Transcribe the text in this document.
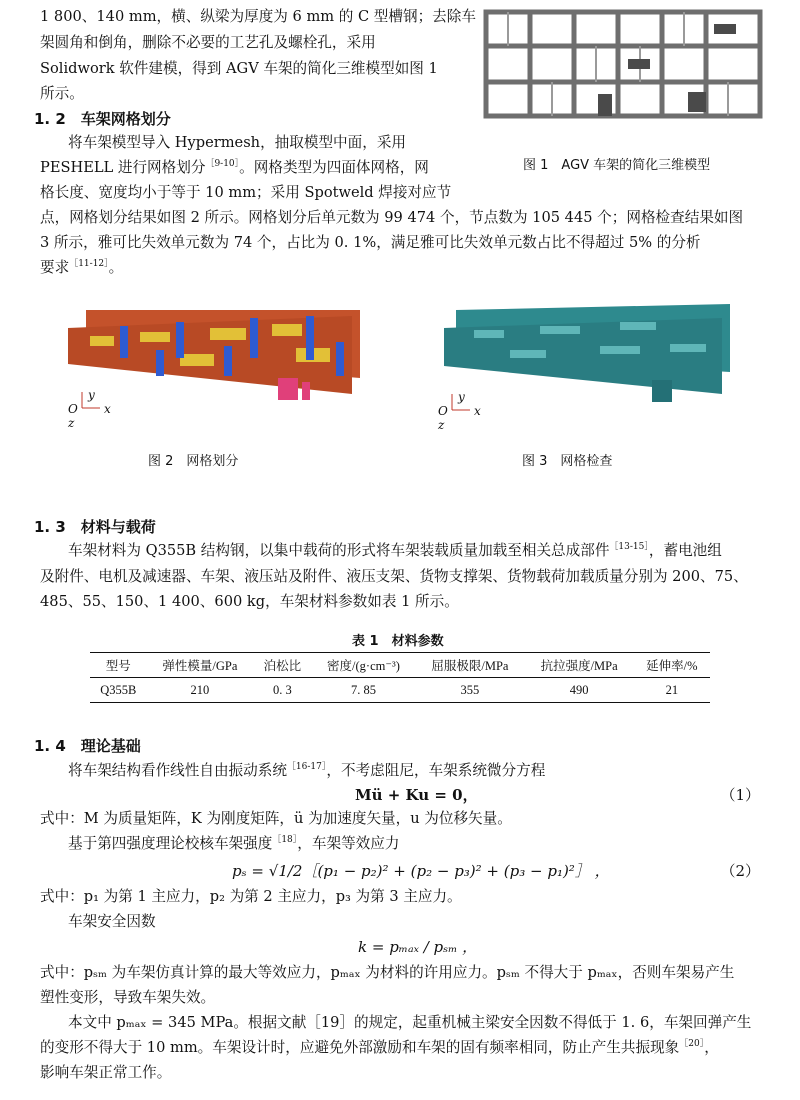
1 800、140 mm，横、纵梁为厚度为 6 mm 的 C 型槽钢；去除车
架圆角和倒角，删除不必要的工艺孔及螺栓孔，采用
Solidwork 软件建模，得到 AGV 车架的简化三维模型如图 1
所示。
图 1　AGV 车架的简化三维模型
1. 2　车架网格划分
将车架模型导入 Hypermesh，抽取模型中面，采用
PESHELL 进行网格划分$^{[9-10]}$。网格类型为四面体网格，网
格长度、宽度均小于等于 10 mm；采用 Spotweld 焊接对应节
点，网格划分结果如图 2 所示。网格划分后单元数为 99 474 个，节点数为 105 445 个；网格检查结果如图
3 所示，雅可比失效单元数为 74 个，占比为 0. 1%，满足雅可比失效单元数占比不得超过 5% 的分析
要求$^{[11-12]}$。
y
O x
z
图 2　网格划分
y
O x
z
图 3　网格检查
1. 3　材料与载荷
车架材料为 Q355B 结构钢，以集中载荷的形式将车架装载质量加载至相关总成部件$^{[13-15]}$，蓄电池组
及附件、电机及减速器、车架、液压站及附件、液压支架、货物支撑架、货物载荷加载质量分别为 200、75、
485、55、150、1 400、600 kg，车架材料参数如表 1 所示。
表 1　材料参数
型号	弹性模量/GPa	泊松比	密度/(g·cm⁻³)	屈服极限/MPa	抗拉强度/MPa	延伸率/%
Q355B	210	0. 3	7. 85	355	490	21
1. 4　理论基础
将车架结构看作线性自由振动系统$^{[16-17]}$，不考虑阻尼，车架系统微分方程
Mü + Ku = 0，	（1）
式中：M 为质量矩阵，K 为刚度矩阵，ü 为加速度矢量，u 为位移矢量。
基于第四强度理论校核车架强度$^{[18]}$，车架等效应力
pₛ = √1/2［(p₁ − p₂)² + (p₂ − p₃)² + (p₃ − p₁)²］ ，	（2）
式中：p₁ 为第 1 主应力，p₂ 为第 2 主应力，p₃ 为第 3 主应力。
车架安全因数
k = pₘₐₓ / pₛₘ ，
式中：pₛₘ 为车架仿真计算的最大等效应力，pₘₐₓ 为材料的许用应力。pₛₘ 不得大于 pₘₐₓ，否则车架易产生
塑性变形，导致车架失效。
本文中 pₘₐₓ = 345 MPa。根据文献［19］的规定，起重机械主梁安全因数不得低于 1. 6，车架回弹产生
的变形不得大于 10 mm。车架设计时，应避免外部激励和车架的固有频率相同，防止产生共振现象$^{[20]}$，
影响车架正常工作。
